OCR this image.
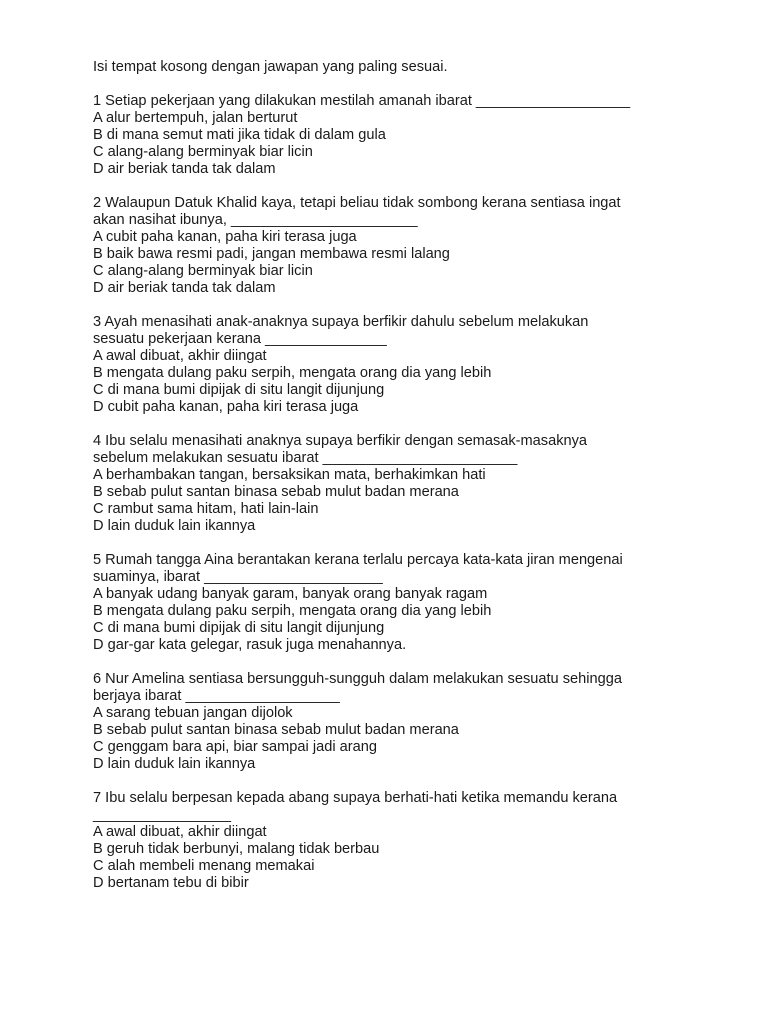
Isi tempat kosong dengan jawapan yang paling sesuai.

1 Setiap pekerjaan yang dilakukan mestilah amanah ibarat ___________________

A alur bertempuh, jalan berturut

B di mana semut mati jika tidak di dalam gula

C alang-alang berminyak biar licin

D air beriak tanda tak dalam

2 Walaupun Datuk Khalid kaya, tetapi beliau tidak sombong kerana sentiasa ingat

akan nasihat ibunya, _______________________

A cubit paha kanan, paha kiri terasa juga

B baik bawa resmi padi, jangan membawa resmi lalang

C alang-alang berminyak biar licin

D air beriak tanda tak dalam

3 Ayah menasihati anak-anaknya supaya berfikir dahulu sebelum melakukan

sesuatu pekerjaan kerana _______________

A awal dibuat, akhir diingat

B mengata dulang paku serpih, mengata orang dia yang lebih

C di mana bumi dipijak di situ langit dijunjung

D cubit paha kanan, paha kiri terasa juga

4 Ibu selalu menasihati anaknya supaya berfikir dengan semasak-masaknya

sebelum melakukan sesuatu ibarat ________________________

A berhambakan tangan, bersaksikan mata, berhakimkan hati

B sebab pulut santan binasa sebab mulut badan merana

C rambut sama hitam, hati lain-lain

D lain duduk lain ikannya

5 Rumah tangga Aina berantakan kerana terlalu percaya kata-kata jiran mengenai

suaminya, ibarat ______________________

A banyak udang banyak garam, banyak orang banyak ragam

B mengata dulang paku serpih, mengata orang dia yang lebih

C di mana bumi dipijak di situ langit dijunjung

D gar-gar kata gelegar, rasuk juga menahannya.

6 Nur Amelina sentiasa bersungguh-sungguh dalam melakukan sesuatu sehingga

berjaya ibarat ___________________

A sarang tebuan jangan dijolok

B sebab pulut santan binasa sebab mulut badan merana

C genggam bara api, biar sampai jadi arang

D lain duduk lain ikannya

7 Ibu selalu berpesan kepada abang supaya berhati-hati ketika memandu kerana

_________________

A awal dibuat, akhir diingat

B geruh tidak berbunyi, malang tidak berbau

C alah membeli menang memakai

D bertanam tebu di bibir
